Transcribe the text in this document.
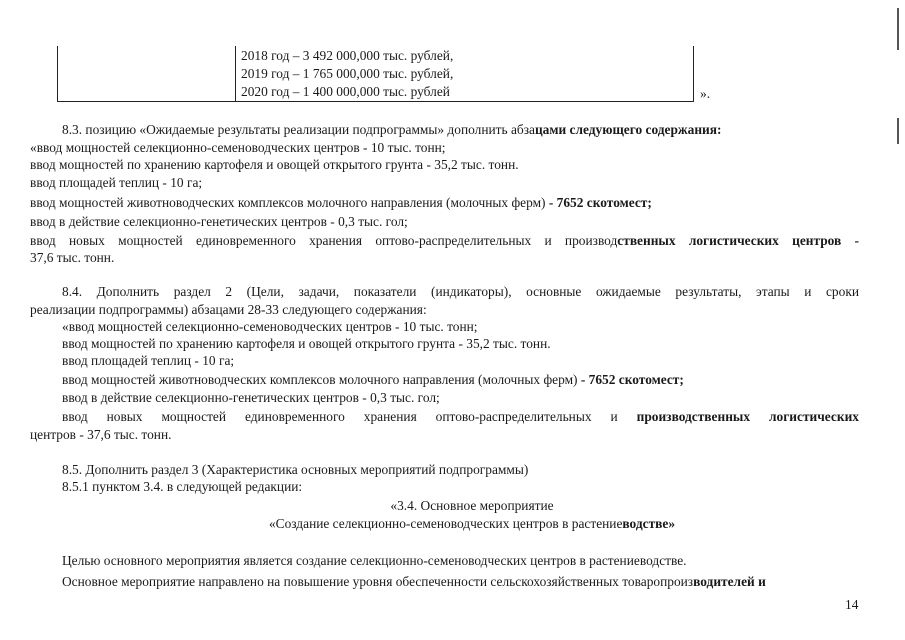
2018 год – 3 492 000,000 тыс. рублей,
2019 год – 1 765 000,000 тыс. рублей,
2020 год – 1 400 000,000 тыс. рублей	».
8.3. позицию «Ожидаемые результаты реализации подпрограммы» дополнить абзацами следующего содержания:
«ввод мощностей селекционно-семеноводческих центров - 10 тыс. тонн;
ввод мощностей по хранению картофеля и овощей открытого грунта - 35,2 тыс. тонн.
ввод площадей теплиц - 10 га;
ввод мощностей животноводческих комплексов молочного направления (молочных ферм) - 7652 скотомест;
ввод в действие селекционно-генетических центров - 0,3 тыс. гол;
ввод новых мощностей единовременного хранения оптово-распределительных и производственных логистических центров -
37,6 тыс. тонн.
8.4. Дополнить раздел 2 (Цели, задачи, показатели (индикаторы), основные ожидаемые результаты, этапы и сроки
реализации подпрограммы) абзацами 28-33 следующего содержания:
«ввод мощностей селекционно-семеноводческих центров - 10 тыс. тонн;
ввод мощностей по хранению картофеля и овощей открытого грунта - 35,2 тыс. тонн.
ввод площадей теплиц - 10 га;
ввод мощностей животноводческих комплексов молочного направления (молочных ферм) - 7652 скотомест;
ввод в действие селекционно-генетических центров - 0,3 тыс. гол;
ввод новых мощностей единовременного хранения оптово-распределительных и производственных логистических
центров - 37,6 тыс. тонн.
8.5. Дополнить раздел 3 (Характеристика основных мероприятий подпрограммы)
8.5.1 пунктом 3.4. в следующей редакции:
«3.4. Основное мероприятие
«Создание селекционно-семеноводческих центров в растениеводстве»
Целью основного мероприятия является создание селекционно-семеноводческих центров в растениеводстве.
Основное мероприятие направлено на повышение уровня обеспеченности сельскохозяйственных товаропроизводителей и
14
